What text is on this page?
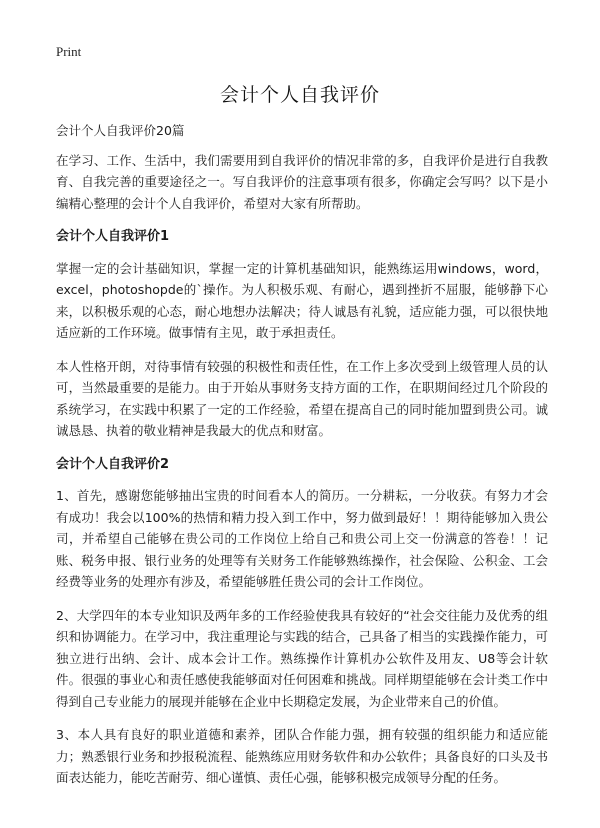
Print
会计个人自我评价

会计个人自我评价20篇

在学习、工作、生活中，我们需要用到自我评价的情况非常的多，自我评价是进行自我教育、自我完善的重要途径之一。写自我评价的注意事项有很多，你确定会写吗？以下是小编精心整理的会计个人自我评价，希望对大家有所帮助。

会计个人自我评价1

掌握一定的会计基础知识，掌握一定的计算机基础知识，能熟练运用windows，word，excel，photoshopde的`操作。为人积极乐观、有耐心，遇到挫折不屈服，能够静下心来，以积极乐观的心态，耐心地想办法解决；待人诚恳有礼貌，适应能力强，可以很快地适应新的工作环境。做事情有主见，敢于承担责任。

本人性格开朗，对待事情有较强的积极性和责任性，在工作上多次受到上级管理人员的认可，当然最重要的是能力。由于开始从事财务支持方面的工作，在职期间经过几个阶段的系统学习，在实践中积累了一定的工作经验，希望在提高自己的同时能加盟到贵公司。诚诚恳恳、执着的敬业精神是我最大的优点和财富。

会计个人自我评价2

1、首先，感谢您能够抽出宝贵的时间看本人的简历。一分耕耘，一分收获。有努力才会有成功！我会以100%的热情和精力投入到工作中，努力做到最好！！期待能够加入贵公司，并希望自己能够在贵公司的工作岗位上给自己和贵公司上交一份满意的答卷！！记账、税务申报、银行业务的处理等有关财务工作能够熟练操作，社会保险、公积金、工会经费等业务的处理亦有涉及，希望能够胜任贵公司的会计工作岗位。

2、大学四年的本专业知识及两年多的工作经验使我具有较好的“社会交往能力及优秀的组织和协调能力。在学习中，我注重理论与实践的结合，己具备了相当的实践操作能力，可独立进行出纳、会计、成本会计工作。熟练操作计算机办公软件及用友、U8等会计软件。很强的事业心和责任感使我能够面对任何困难和挑战。同样期望能够在会计类工作中得到自己专业能力的展现并能够在企业中长期稳定发展，为企业带来自己的价值。

3、本人具有良好的职业道德和素养，团队合作能力强，拥有较强的组织能力和适应能力；熟悉银行业务和抄报税流程、能熟练应用财务软件和办公软件；具备良好的口头及书面表达能力，能吃苦耐劳、细心谨慎、责任心强，能够积极完成领导分配的任务。
